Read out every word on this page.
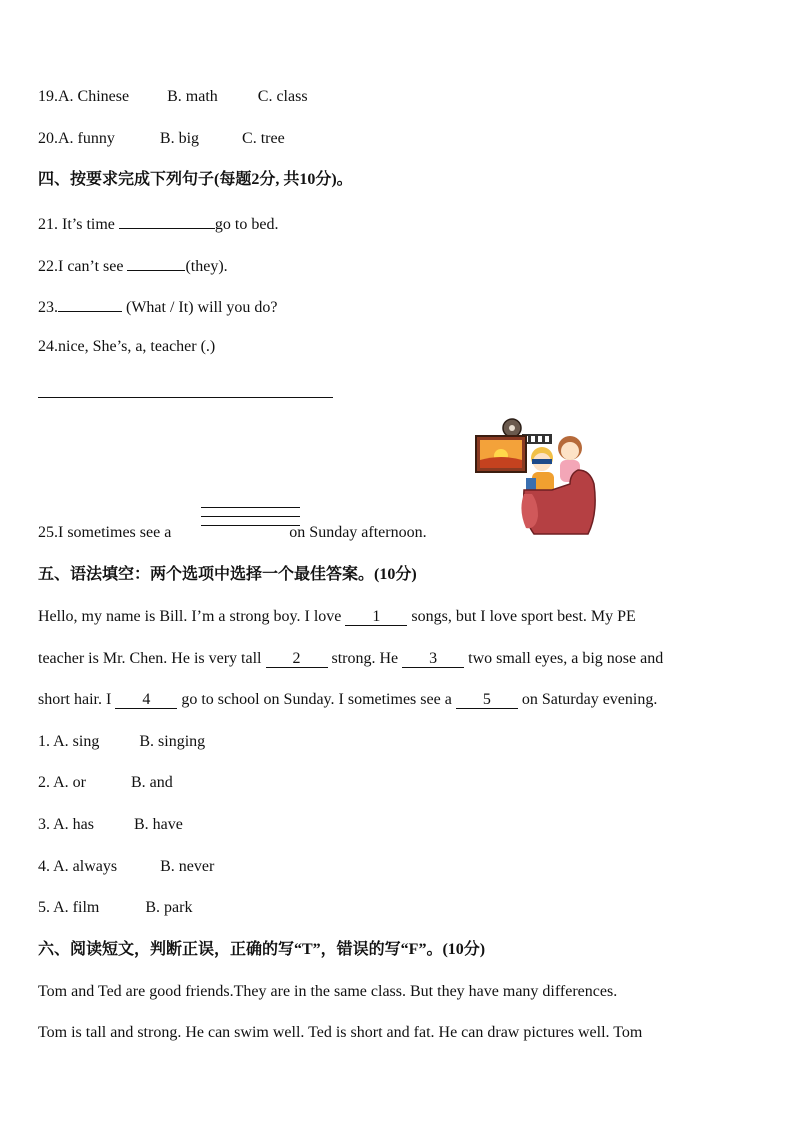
19.A. Chinese B. math	C. class
20.A. funny	B. big	C. tree
四、按要求完成下列句子(每题2分, 共10分)。
21. It’s time	go to bed.
22.I can’t see	(they).
23.	(What / It) will you do?
24.nice, She’s, a, teacher (.)
25.I sometimes see a	on Sunday afternoon.
五、语法填空：两个选项中选择一个最佳答案。(10分)
Hello, my name is Bill. I’m a strong boy. I love 1 songs, but I love sport best. My PE
teacher is Mr. Chen. He is very tall 2 strong. He 3 two small eyes, a big nose and
short hair. I 4 go to school on Sunday. I sometimes see a 5 on Saturday evening.
1. A. sing	B. singing
2. A. or	B. and
3. A. has	B. have
4. A. always	B. never
5. A. film	B. park
六、阅读短文，判断正误，正确的写“T”，错误的写“F”。(10分)
Tom and Ted are good friends.They are in the same class. But they have many differences.
Tom is tall and strong. He can swim well. Ted is short and fat. He can draw pictures well. Tom
